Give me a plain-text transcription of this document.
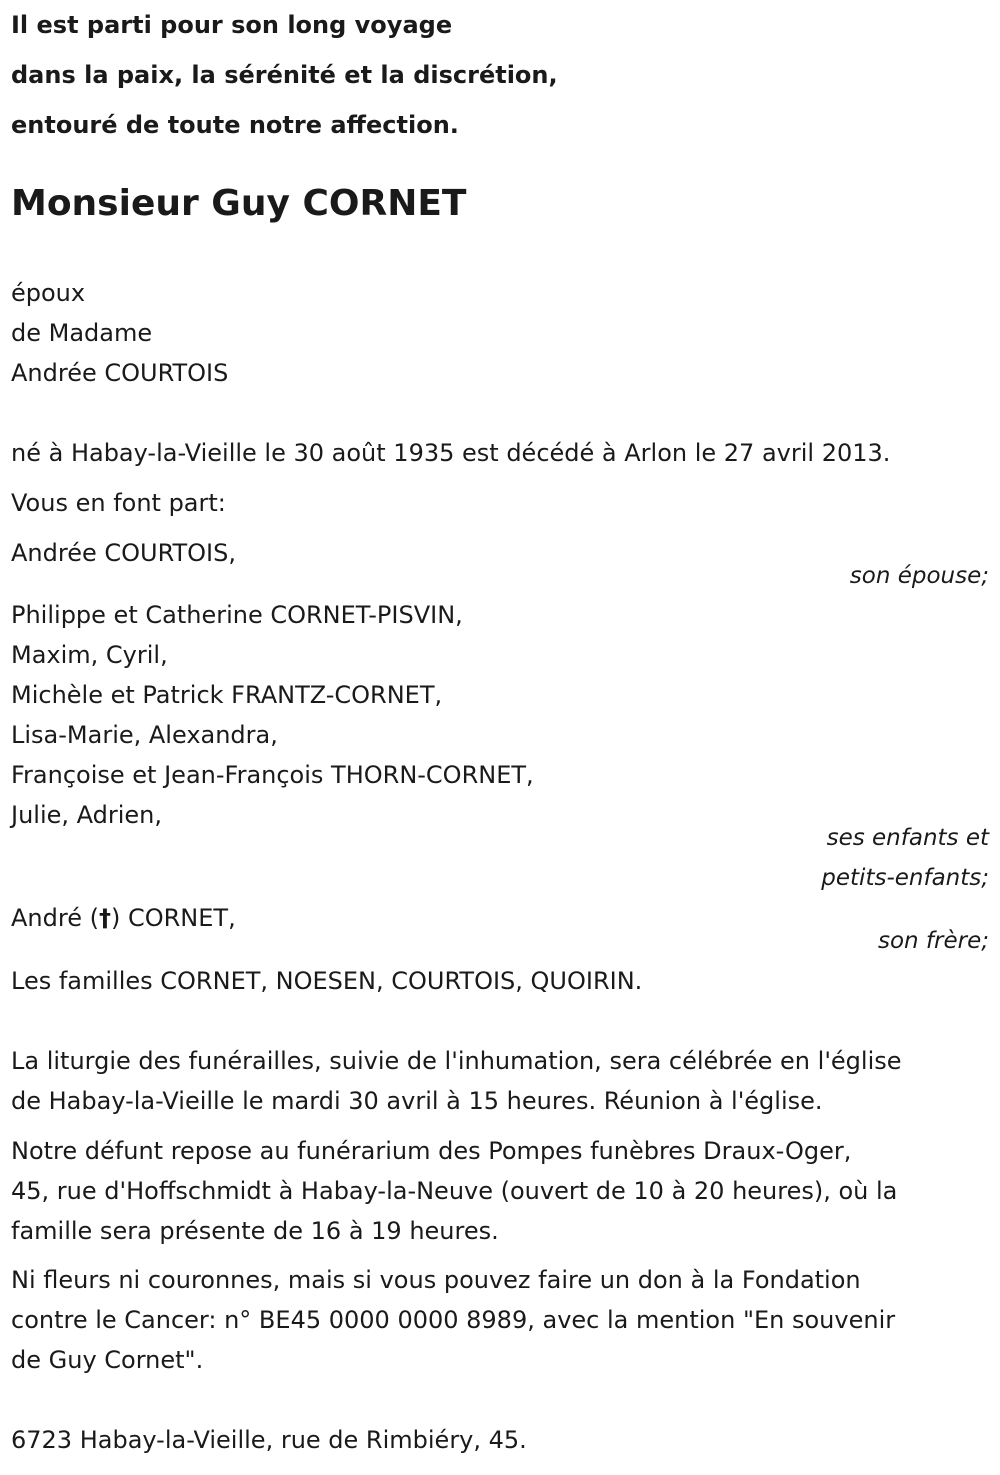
Il est parti pour son long voyage
dans la paix, la sérénité et la discrétion,
entouré de toute notre affection.
Monsieur Guy CORNET
époux
de Madame
Andrée COURTOIS
né à Habay-la-Vieille le 30 août 1935 est décédé à Arlon le 27 avril 2013.
Vous en font part:
Andrée COURTOIS,
son épouse;
Philippe et Catherine CORNET-PISVIN,
Maxim, Cyril,
Michèle et Patrick FRANTZ-CORNET,
Lisa-Marie, Alexandra,
Françoise et Jean-François THORN-CORNET,
Julie, Adrien,
ses enfants et
petits-enfants;
André (†) CORNET,
son frère;
Les familles CORNET, NOESEN, COURTOIS, QUOIRIN.
La liturgie des funérailles, suivie de l'inhumation, sera célébrée en l'église
de Habay-la-Vieille le mardi 30 avril à 15 heures. Réunion à l'église.
Notre défunt repose au funérarium des Pompes funèbres Draux-Oger,
45, rue d'Hoffschmidt à Habay-la-Neuve (ouvert de 10 à 20 heures), où la
famille sera présente de 16 à 19 heures.
Ni fleurs ni couronnes, mais si vous pouvez faire un don à la Fondation
contre le Cancer: n° BE45 0000 0000 8989, avec la mention "En souvenir
de Guy Cornet".
6723 Habay-la-Vieille, rue de Rimbiéry, 45.
